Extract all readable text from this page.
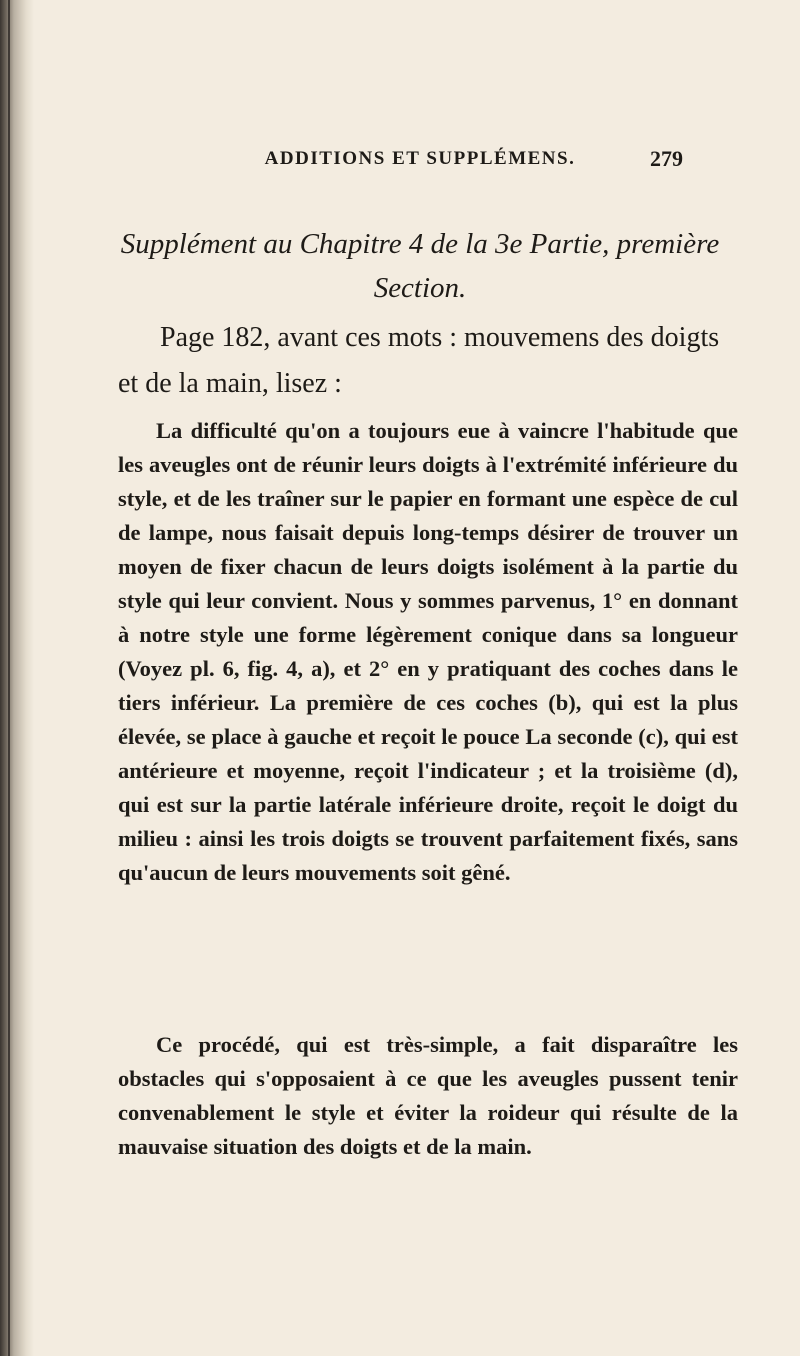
ADDITIONS ET SUPPLÉMENS.	279
Supplément au Chapitre 4 de la 3e Partie, première Section.
Page 182, avant ces mots : mouvemens des doigts et de la main, lisez :
La difficulté qu'on a toujours eue à vaincre l'habitude que les aveugles ont de réunir leurs doigts à l'extrémité inférieure du style, et de les traîner sur le papier en formant une espèce de cul de lampe, nous faisait depuis long-temps désirer de trouver un moyen de fixer chacun de leurs doigts isolément à la partie du style qui leur convient. Nous y sommes parvenus, 1° en donnant à notre style une forme légèrement conique dans sa longueur (Voyez pl. 6, fig. 4, a), et 2° en y pratiquant des coches dans le tiers inférieur. La première de ces coches (b), qui est la plus élevée, se place à gauche et reçoit le pouce La seconde (c), qui est antérieure et moyenne, reçoit l'indicateur ; et la troisième (d), qui est sur la partie latérale inférieure droite, reçoit le doigt du milieu : ainsi les trois doigts se trouvent parfaitement fixés, sans qu'aucun de leurs mouvements soit gêné.
Ce procédé, qui est très-simple, a fait disparaître les obstacles qui s'opposaient à ce que les aveugles pussent tenir convenablement le style et éviter la roideur qui résulte de la mauvaise situation des doigts et de la main.
